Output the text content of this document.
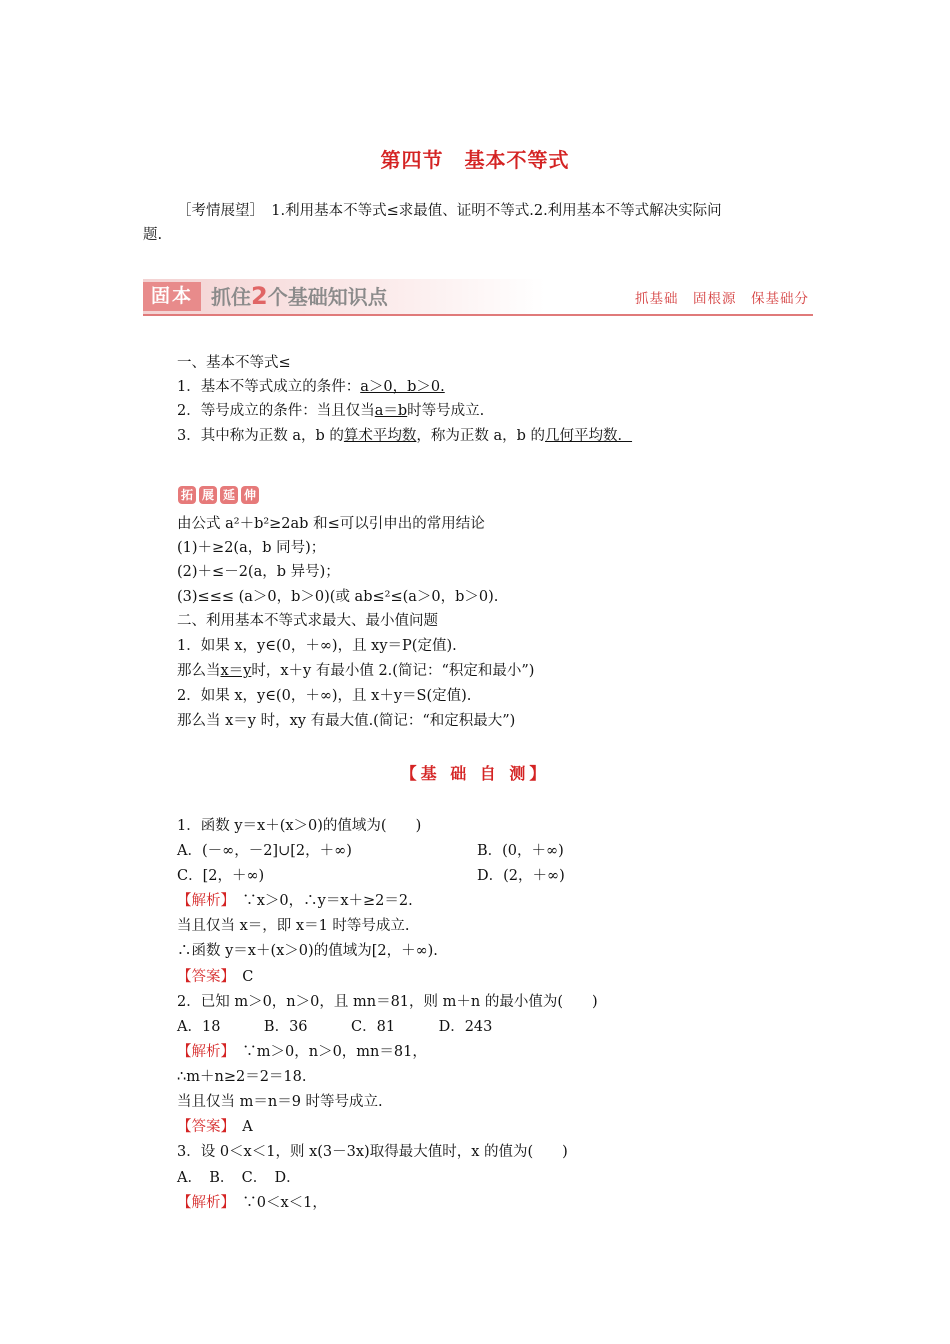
第四节　基本不等式
［考情展望］　1.利用基本不等式≤求最值、证明不等式.2.利用基本不等式解决实际问
题.
固本 抓住2个基础知识点	抓基础　固根源　保基础分
一、基本不等式≤
1．基本不等式成立的条件：a＞0，b＞0.
2．等号成立的条件：当且仅当a＝b时等号成立.
3．其中称为正数 a，b 的算术平均数，称为正数 a，b 的几何平均数．
拓 展 延 伸
由公式 a²＋b²≥2ab 和≤可以引申出的常用结论
(1)＋≥2(a，b 同号)；
(2)＋≤－2(a，b 异号)；
(3)≤≤≤ (a＞0，b＞0)(或 ab≤²≤(a＞0，b＞0).
二、利用基本不等式求最大、最小值问题
1．如果 x，y∈(0，＋∞)，且 xy＝P(定值).
那么当x＝y时，x＋y 有最小值 2.(简记：“积定和最小”)
2．如果 x，y∈(0，＋∞)，且 x＋y＝S(定值).
那么当 x＝y 时，xy 有最大值.(简记：“和定积最大”)
【基 础 自 测】
1．函数 y＝x＋(x＞0)的值域为(　　)
A．(－∞，－2]∪[2，＋∞)	B．(0，＋∞)
C．[2，＋∞)	D．(2，＋∞)
【解析】　∵x＞0，∴y＝x＋≥2＝2.
当且仅当 x＝，即 x＝1 时等号成立.
∴函数 y＝x＋(x＞0)的值域为[2，＋∞).
【答案】　C
2．已知 m＞0，n＞0，且 mn＝81，则 m＋n 的最小值为(　　)
A．18　　　B．36　　　C．81　　　D．243
【解析】　∵m＞0，n＞0，mn＝81，
∴m＋n≥2＝2＝18.
当且仅当 m＝n＝9 时等号成立.
【答案】　A
3．设 0＜x＜1，则 x(3－3x)取得最大值时，x 的值为(　　)
A．　B．　C．　D．
【解析】　∵0＜x＜1，
